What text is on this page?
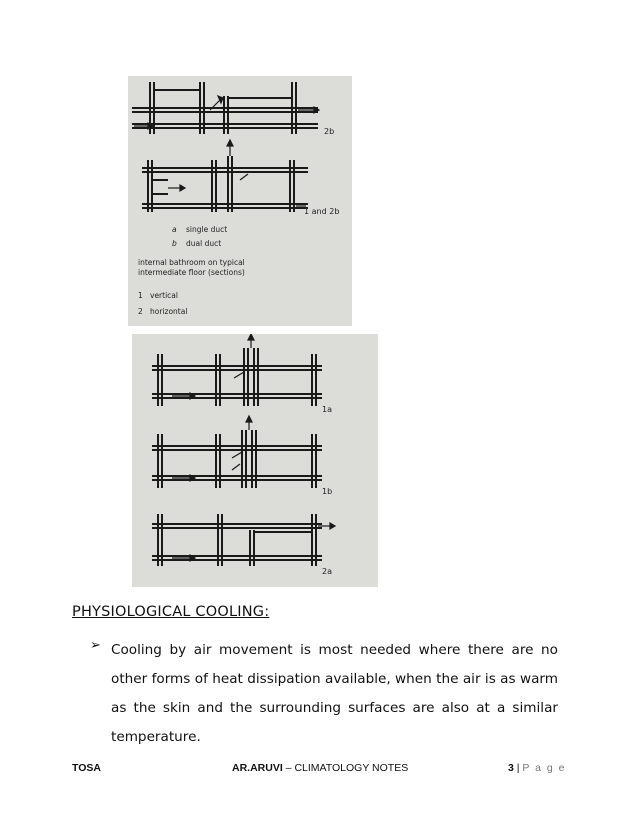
2b
1 and 2b
a single duct
b dual duct
internal bathroom on typical
intermediate floor (sections)
1 vertical
2 horizontal
1a
1b
2a
PHYSIOLOGICAL COOLING:
➢ Cooling by air movement is most needed where there are no other forms of heat dissipation available, when the air is as warm as the skin and the surrounding surfaces are also at a similar temperature.
TOSA	AR.ARUVI – CLIMATOLOGY NOTES	3 | P a g e
